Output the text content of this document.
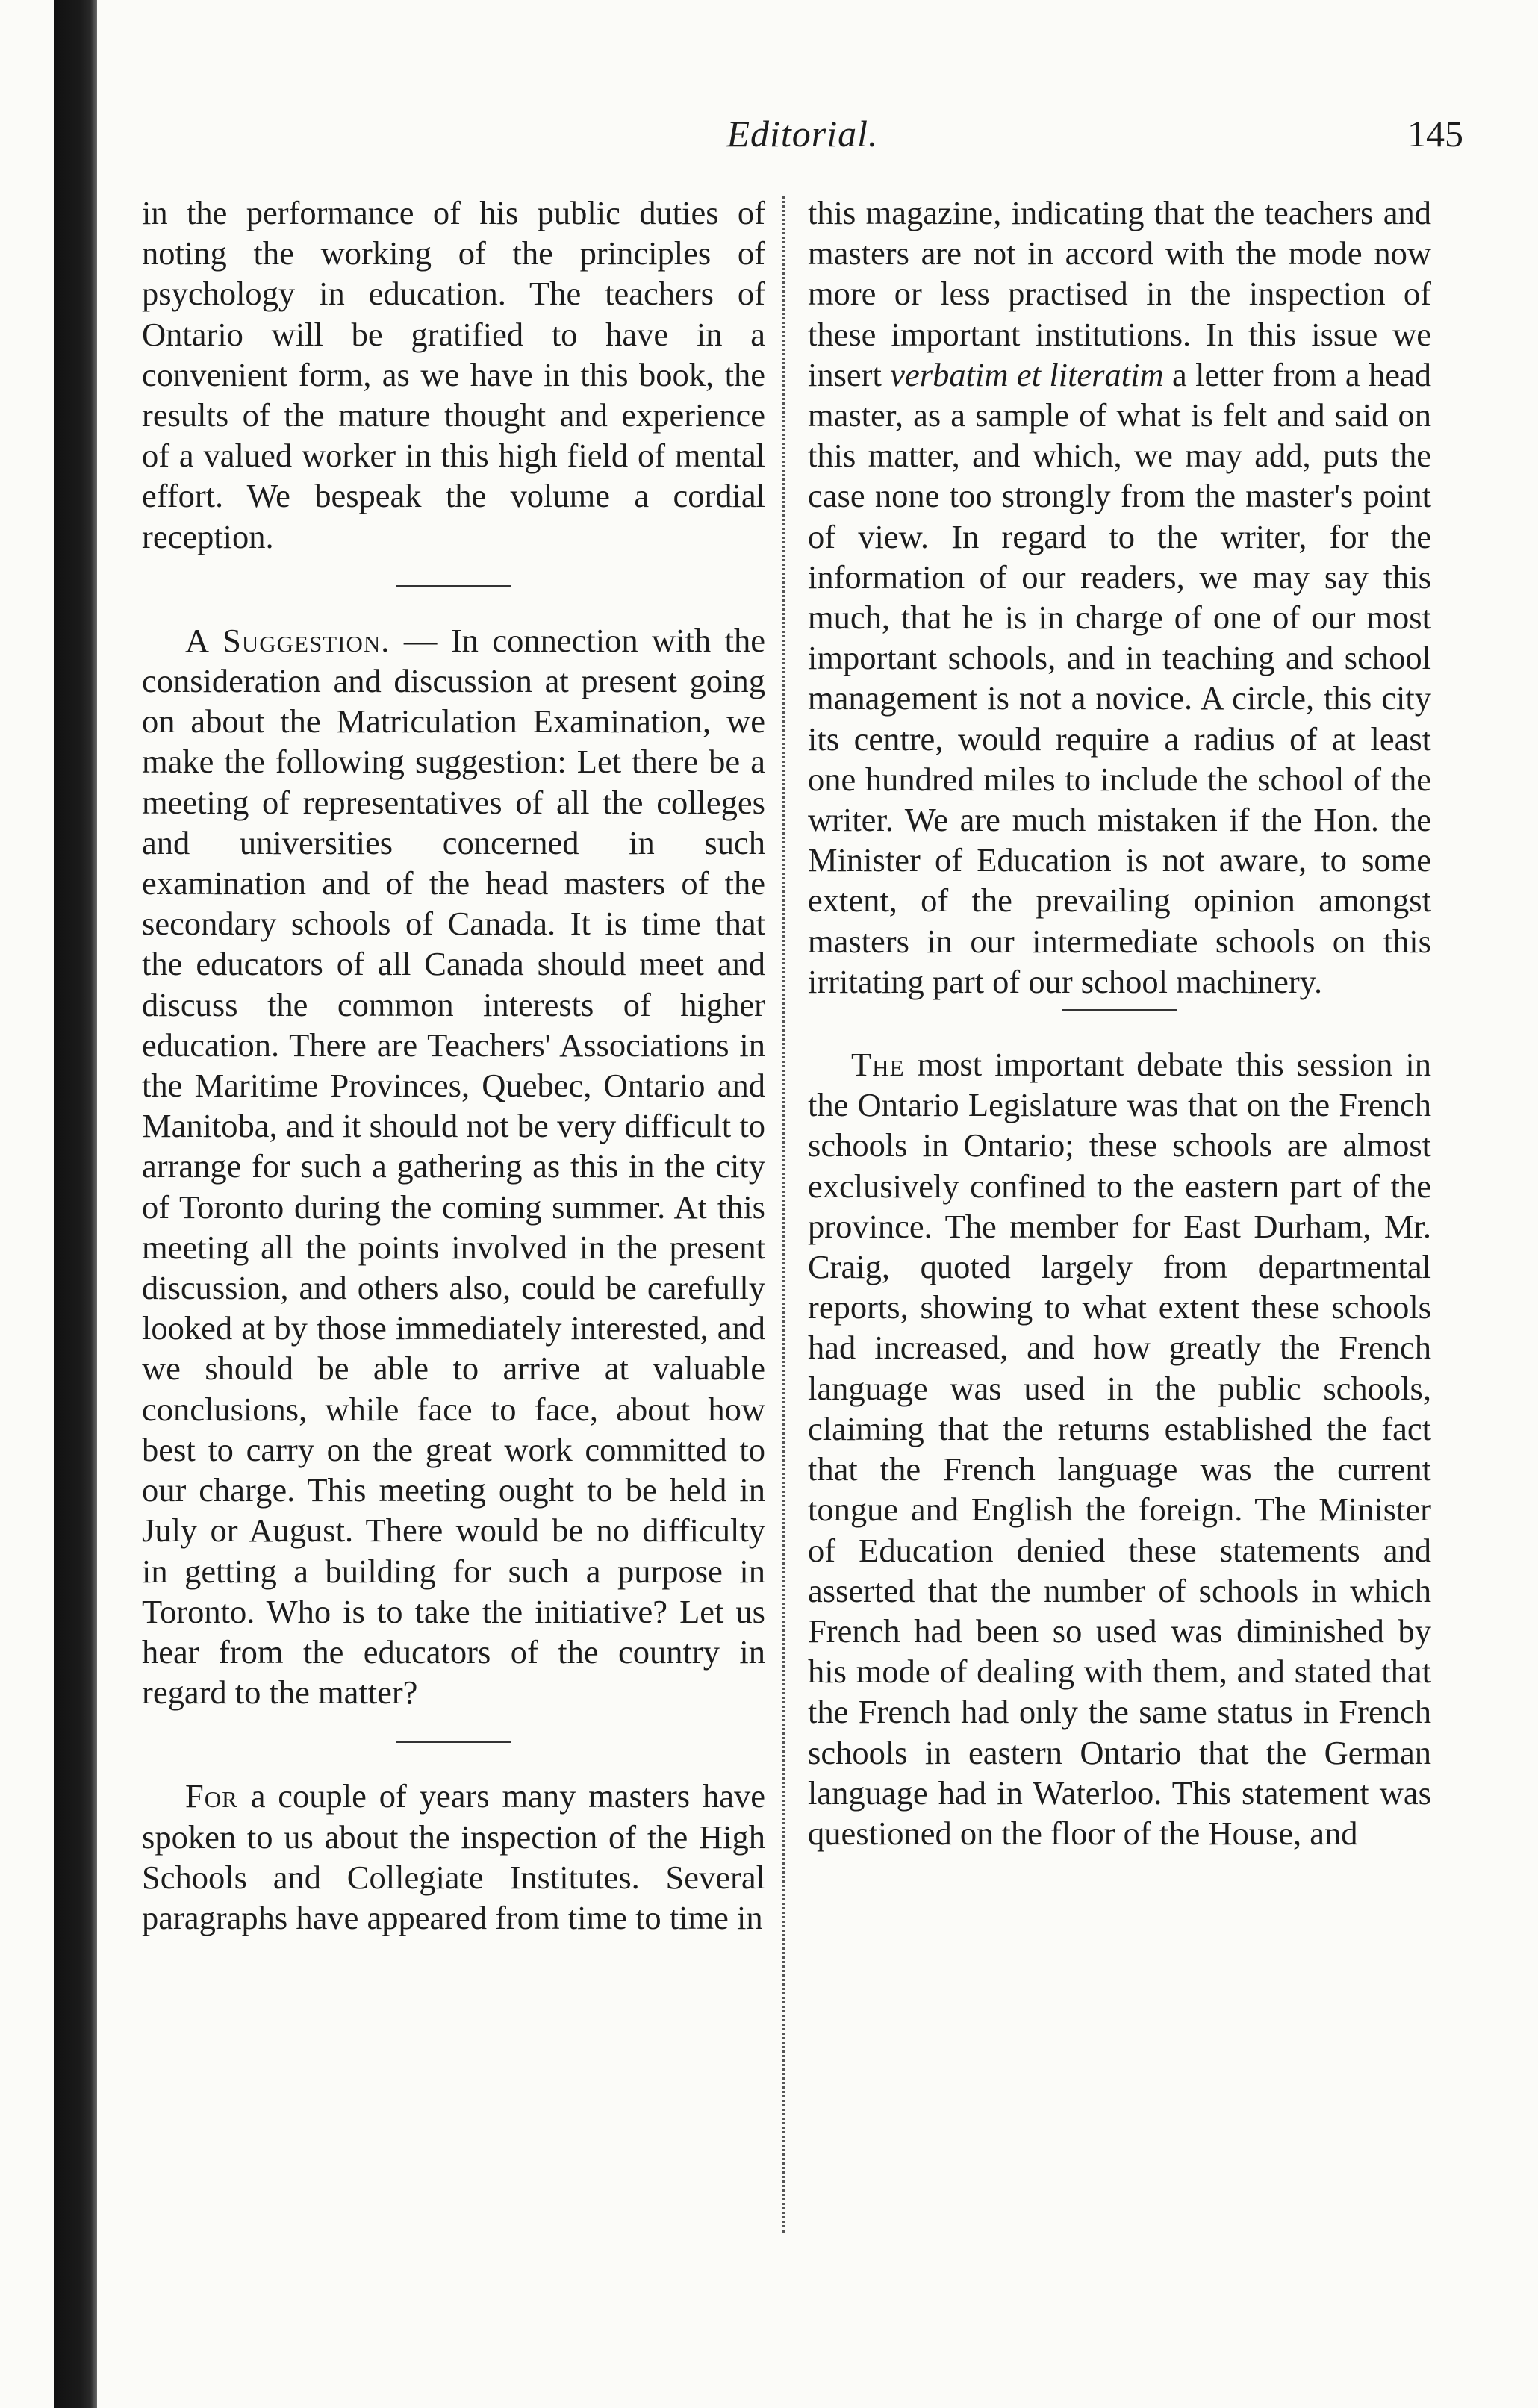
Editorial.	145

in the performance of his public duties of noting the working of the principles of psychology in education. The teachers of Ontario will be gratified to have in a convenient form, as we have in this book, the results of the mature thought and experience of a valued worker in this high field of mental effort. We bespeak the volume a cordial reception.

A Suggestion. — In connection with the consideration and discussion at present going on about the Matriculation Examination, we make the following suggestion: Let there be a meeting of representatives of all the colleges and universities concerned in such examination and of the head masters of the secondary schools of Canada. It is time that the educators of all Canada should meet and discuss the common interests of higher education. There are Teachers' Associations in the Maritime Provinces, Quebec, Ontario and Manitoba, and it should not be very difficult to arrange for such a gathering as this in the city of Toronto during the coming summer. At this meeting all the points involved in the present discussion, and others also, could be carefully looked at by those immediately interested, and we should be able to arrive at valuable conclusions, while face to face, about how best to carry on the great work committed to our charge. This meeting ought to be held in July or August. There would be no difficulty in getting a building for such a purpose in Toronto. Who is to take the initiative? Let us hear from the educators of the country in regard to the matter?

For a couple of years many masters have spoken to us about the inspection of the High Schools and Collegiate Institutes. Several paragraphs have appeared from time to time in

this magazine, indicating that the teachers and masters are not in accord with the mode now more or less practised in the inspection of these important institutions. In this issue we insert verbatim et literatim a letter from a head master, as a sample of what is felt and said on this matter, and which, we may add, puts the case none too strongly from the master's point of view. In regard to the writer, for the information of our readers, we may say this much, that he is in charge of one of our most important schools, and in teaching and school management is not a novice. A circle, this city its centre, would require a radius of at least one hundred miles to include the school of the writer. We are much mistaken if the Hon. the Minister of Education is not aware, to some extent, of the prevailing opinion amongst masters in our intermediate schools on this irritating part of our school machinery.

The most important debate this session in the Ontario Legislature was that on the French schools in Ontario; these schools are almost exclusively confined to the eastern part of the province. The member for East Durham, Mr. Craig, quoted largely from departmental reports, showing to what extent these schools had increased, and how greatly the French language was used in the public schools, claiming that the returns established the fact that the French language was the current tongue and English the foreign. The Minister of Education denied these statements and asserted that the number of schools in which French had been so used was diminished by his mode of dealing with them, and stated that the French had only the same status in French schools in eastern Ontario that the German language had in Waterloo. This statement was questioned on the floor of the House, and
